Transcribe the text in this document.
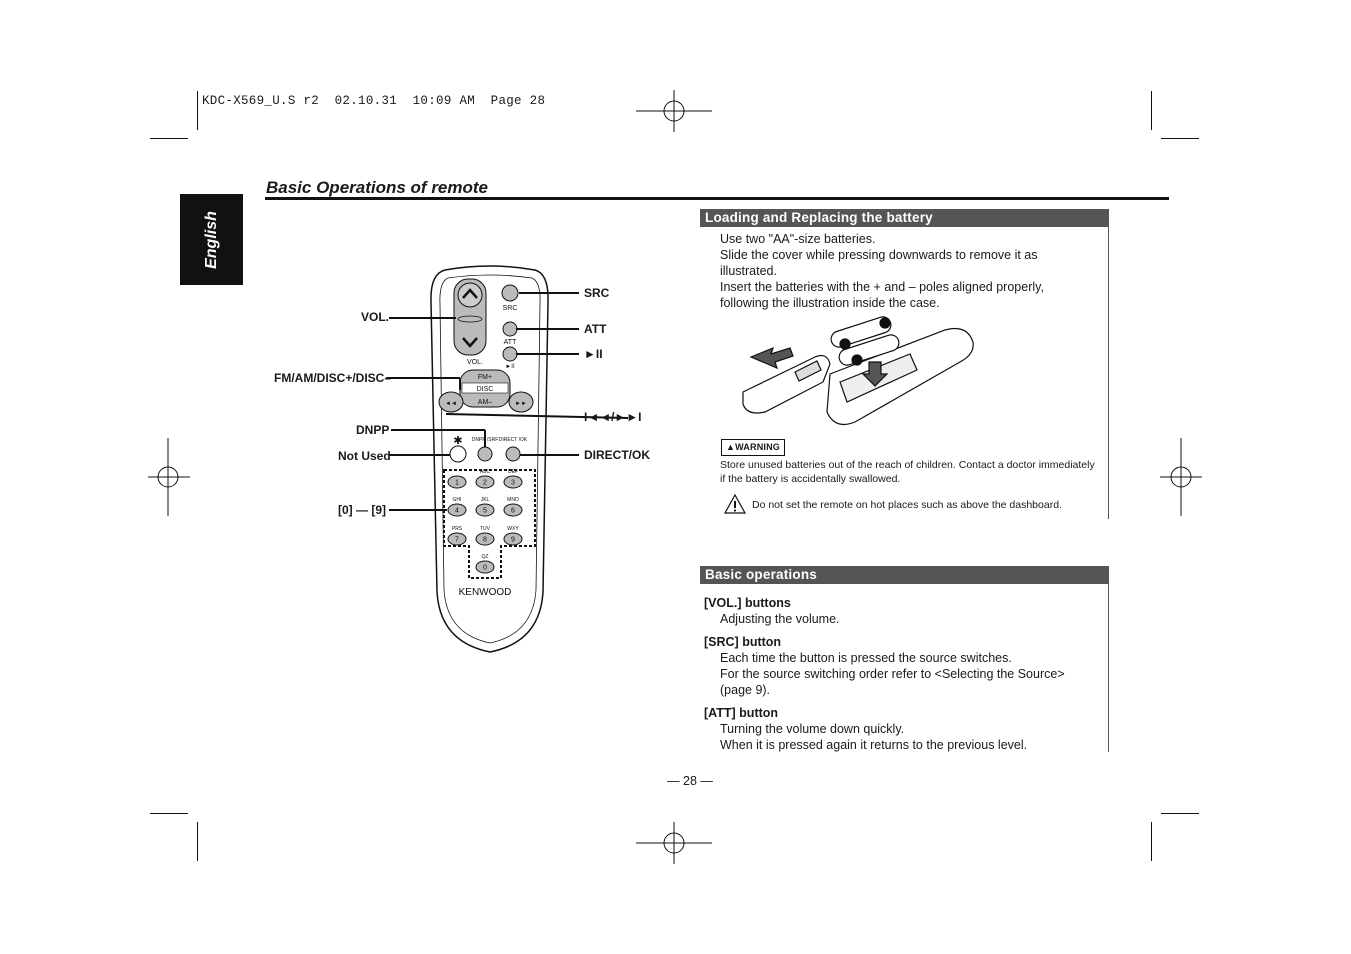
KDC-X569_U.S r2  02.10.31  10:09 AM  Page 28
English
Basic Operations of remote
SRC
ATT
►II
VOL.
FM+
DISC
AM–
◄◄	►►
✱ DNPP /SRF DIRECT /OK
1	2
ABC
3
DEF
4
GHI
5
JKL
6
MNO
7
PRS
8
TUV
9
WXY
0
QZ
KENWOOD
VOL.
FM/AM/DISC+/DISC–
DNPP
Not Used
[0] — [9]
SRC
ATT
►II
I◄◄/►►I
DIRECT/OK
Loading and Replacing the battery
Use two "AA"-size batteries.
Slide the cover while pressing downwards to remove it as illustrated.
Insert the batteries with the + and – poles aligned properly, following the illustration inside the case.
▲WARNING
Store unused batteries out of the reach of children. Contact a doctor immediately if the battery is accidentally swallowed.
Do not set the remote on hot places such as above the dashboard.
Basic operations
[VOL.] buttons
Adjusting the volume.
[SRC] button
Each time the button is pressed the source switches.
For the source switching order refer to <Selecting the Source> (page 9).
[ATT] button
Turning the volume down quickly.
When it is pressed again it returns to the previous level.
— 28 —
